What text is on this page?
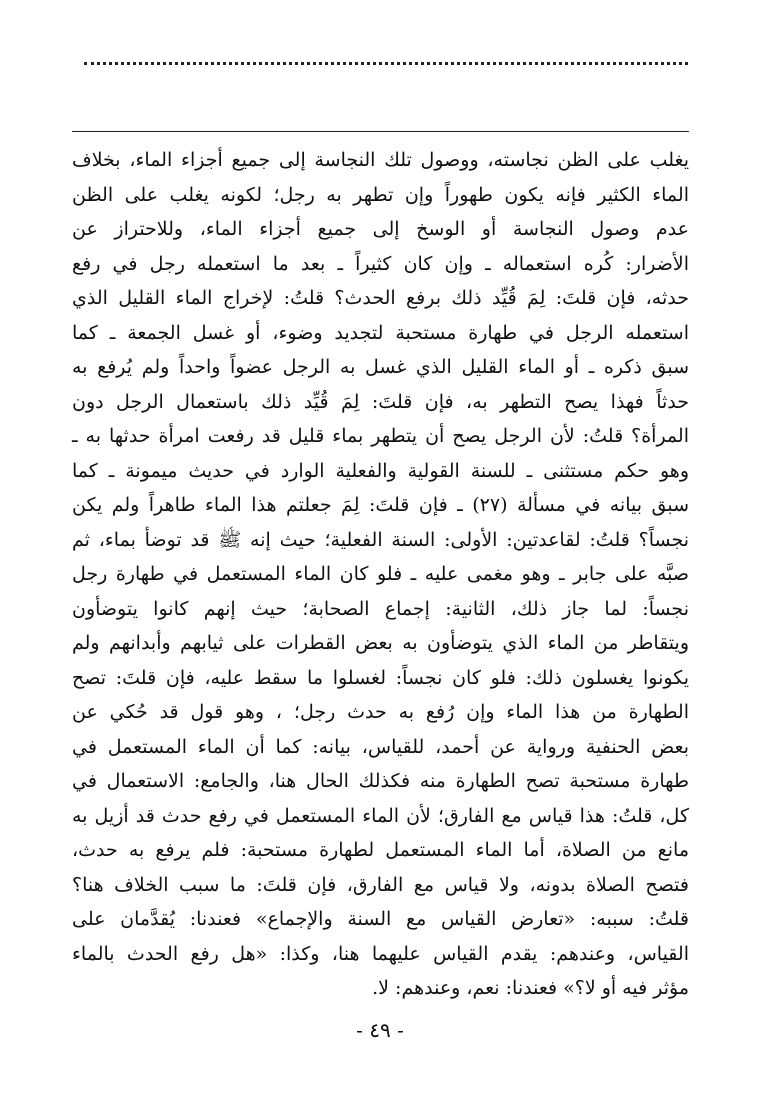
يغلب على الظن نجاسته، ووصول تلك النجاسة إلى جميع أجزاء الماء، بخلاف
الماء الكثير فإنه يكون طهوراً وإن تطهر به رجل؛ لكونه يغلب على الظن
عدم وصول النجاسة أو الوسخ إلى جميع أجزاء الماء، وللاحتراز عن
الأضرار: كُره استعماله ـ وإن كان كثيراً ـ بعد ما استعمله رجل في رفع
حدثه، فإن قلتَ: لِمَ قُيِّد ذلك برفع الحدث؟ قلتُ: لإخراج الماء القليل الذي
استعمله الرجل في طهارة مستحبة لتجديد وضوء، أو غسل الجمعة ـ كما
سبق ذكره ـ أو الماء القليل الذي غسل به الرجل عضواً واحداً ولم يُرفع به
حدثاً فهذا يصح التطهر به، فإن قلتَ: لِمَ قُيِّد ذلك باستعمال الرجل دون
المرأة؟ قلتُ: لأن الرجل يصح أن يتطهر بماء قليل قد رفعت امرأة حدثها به ـ
وهو حكم مستثنى ـ للسنة القولية والفعلية الوارد في حديث ميمونة ـ كما
سبق بيانه في مسألة (٢٧) ـ فإن قلتَ: لِمَ جعلتم هذا الماء طاهراً ولم يكن
نجساً؟ قلتُ: لقاعدتين: الأولى: السنة الفعلية؛ حيث إنه ﷺ قد توضأ بماء، ثم
صبَّه على جابر ـ وهو مغمى عليه ـ فلو كان الماء المستعمل في طهارة رجل
نجساً: لما جاز ذلك، الثانية: إجماع الصحابة؛ حيث إنهم كانوا يتوضأون
ويتقاطر من الماء الذي يتوضأون به بعض القطرات على ثيابهم وأبدانهم ولم
يكونوا يغسلون ذلك: فلو كان نجساً: لغسلوا ما سقط عليه، فإن قلتَ: تصح
الطهارة من هذا الماء وإن رُفع به حدث رجل؛ ، وهو قول قد حُكي عن
بعض الحنفية ورواية عن أحمد، للقياس، بيانه: كما أن الماء المستعمل في
طهارة مستحبة تصح الطهارة منه فكذلك الحال هنا، والجامع: الاستعمال في
كل، قلتُ: هذا قياس مع الفارق؛ لأن الماء المستعمل في رفع حدث قد أزيل به
مانع من الصلاة، أما الماء المستعمل لطهارة مستحبة: فلم يرفع به حدث،
فتصح الصلاة بدونه، ولا قياس مع الفارق، فإن قلتَ: ما سبب الخلاف هنا؟
قلتُ: سببه: «تعارض القياس مع السنة والإجماع» فعندنا: يُقدَّمان على
القياس، وعندهم: يقدم القياس عليهما هنا، وكذا: «هل رفع الحدث بالماء
مؤثر فيه أو لا؟» فعندنا: نعم، وعندهم: لا.
- ٤٩ -
